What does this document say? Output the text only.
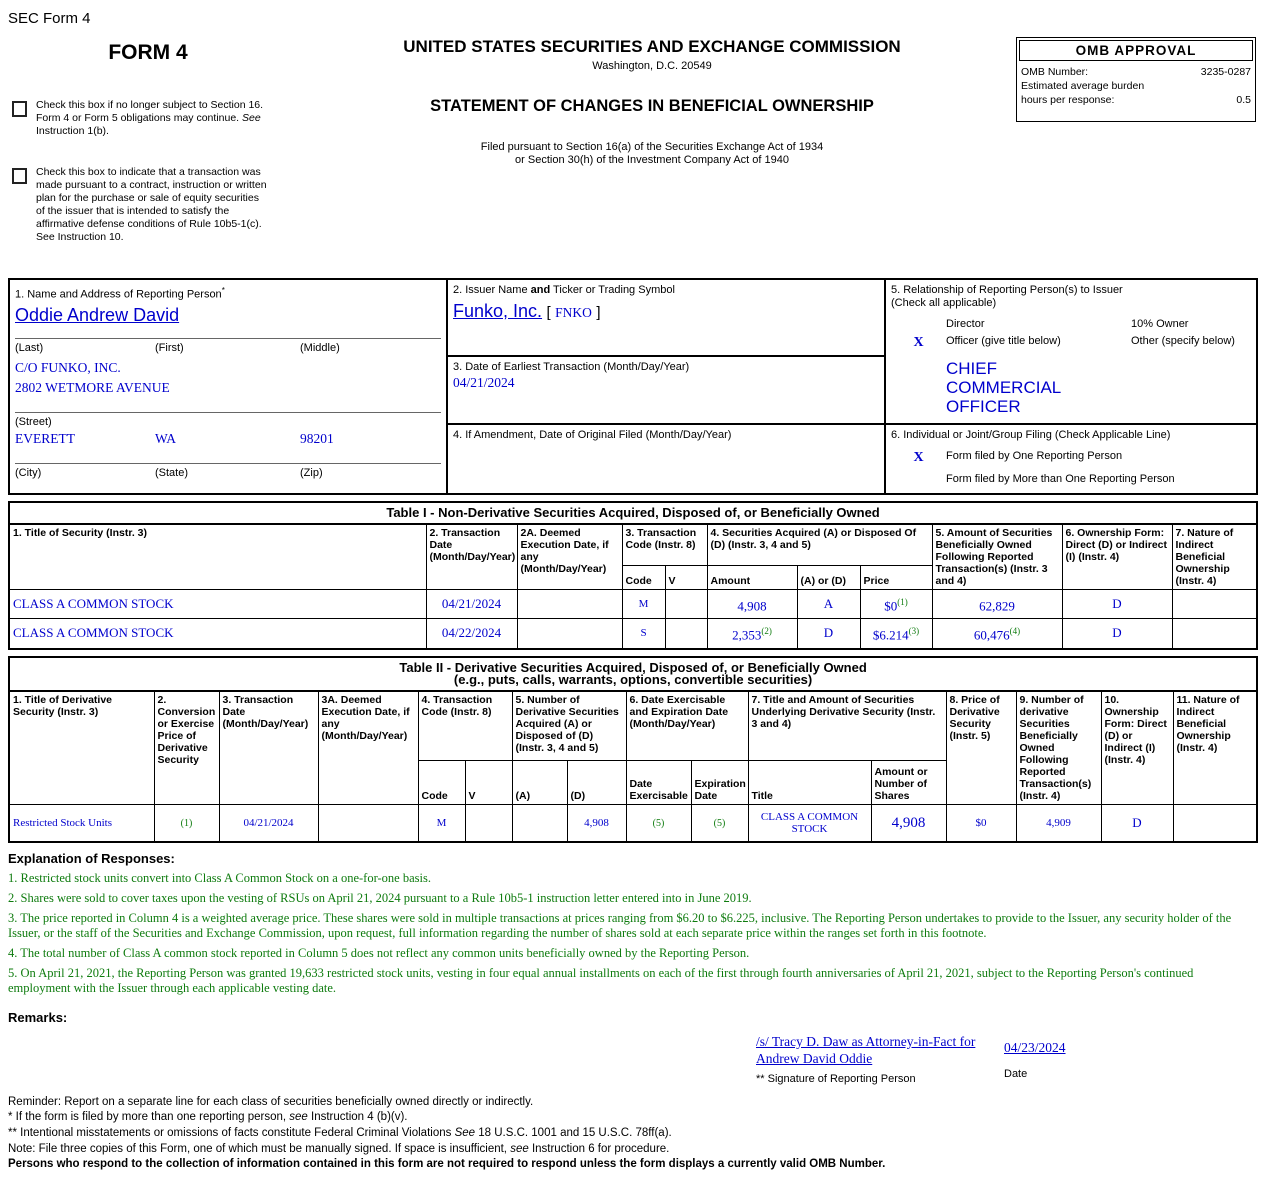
SEC Form 4
FORM 4
Check this box if no longer subject to Section 16. Form 4 or Form 5 obligations may continue. See Instruction 1(b).
Check this box to indicate that a transaction was made pursuant to a contract, instruction or written plan for the purchase or sale of equity securities of the issuer that is intended to satisfy the affirmative defense conditions of Rule 10b5-1(c). See Instruction 10.
UNITED STATES SECURITIES AND EXCHANGE COMMISSION
Washington, D.C. 20549
STATEMENT OF CHANGES IN BENEFICIAL OWNERSHIP
Filed pursuant to Section 16(a) of the Securities Exchange Act of 1934
or Section 30(h) of the Investment Company Act of 1940
OMB APPROVAL
OMB Number:	3235-0287
Estimated average burden
hours per response:	0.5
1. Name and Address of Reporting Person*
Oddie Andrew David
(Last)	(First)	(Middle)
C/O FUNKO, INC.
2802 WETMORE AVENUE
(Street)
EVERETT	WA	98201
(City)	(State)	(Zip)

2. Issuer Name and Ticker or Trading Symbol
Funko, Inc. [ FNKO ]

5. Relationship of Reporting Person(s) to Issuer
(Check all applicable)
Director	10% Owner
X	Officer (give title below)	Other (specify below)
CHIEF COMMERCIAL OFFICER

	3. Date of Earliest Transaction (Month/Day/Year)
04/21/2024	

	4. If Amendment, Date of Original Filed (Month/Day/Year)	6. Individual or Joint/Group Filing (Check Applicable Line)
X Form filed by One Reporting Person
Form filed by More than One Reporting Person
Table I - Non-Derivative Securities Acquired, Disposed of, or Beneficially Owned										
1. Title of Security (Instr. 3)	2. Transaction Date (Month/Day/Year)	2A. Deemed Execution Date, if any (Month/Day/Year)	3. Transaction Code (Instr. 8)		4. Securities Acquired (A) or Disposed Of (D) (Instr. 3, 4 and 5)			5. Amount of Securities Beneficially Owned Following Reported Transaction(s) (Instr. 3 and 4)	6. Ownership Form: Direct (D) or Indirect (I) (Instr. 4)	7. Nature of Indirect Beneficial Ownership (Instr. 4)
			Code	V	Amount	(A) or (D)	Price			
CLASS A COMMON STOCK	04/21/2024		M		4,908	A	$0$^{(1)}$	62,829	D	
CLASS A COMMON STOCK	04/22/2024		S		2,353$^{(2)}$	D	$6.214$^{(3)}$	60,476$^{(4)}$	D	
Table II - Derivative Securities Acquired, Disposed of, or Beneficially Owned
(e.g., puts, calls, warrants, options, convertible securities)															
1. Title of Derivative Security (Instr. 3)	2. Conversion or Exercise Price of Derivative Security	3. Transaction Date (Month/Day/Year)	3A. Deemed Execution Date, if any (Month/Day/Year)	4. Transaction Code (Instr. 8)		5. Number of Derivative Securities Acquired (A) or Disposed of (D) (Instr. 3, 4 and 5)		6. Date Exercisable and Expiration Date (Month/Day/Year)		7. Title and Amount of Securities Underlying Derivative Security (Instr. 3 and 4)		8. Price of Derivative Security (Instr. 5)	9. Number of derivative Securities Beneficially Owned Following Reported Transaction(s) (Instr. 4)	10. Ownership Form: Direct (D) or Indirect (I) (Instr. 4)	11. Nature of Indirect Beneficial Ownership (Instr. 4)
				Code	V	(A)	(D)	Date Exercisable	Expiration Date	Title	Amount or Number of Shares				
Restricted Stock Units	(1)	04/21/2024		M			4,908	(5)	(5)	CLASS A COMMON STOCK	4,908	$0	4,909	D	
Explanation of Responses:
1. Restricted stock units convert into Class A Common Stock on a one-for-one basis.
2. Shares were sold to cover taxes upon the vesting of RSUs on April 21, 2024 pursuant to a Rule 10b5-1 instruction letter entered into in June 2019.
3. The price reported in Column 4 is a weighted average price. These shares were sold in multiple transactions at prices ranging from $6.20 to $6.225, inclusive. The Reporting Person undertakes to provide to the Issuer, any security holder of the Issuer, or the staff of the Securities and Exchange Commission, upon request, full information regarding the number of shares sold at each separate price within the ranges set forth in this footnote.
4. The total number of Class A common stock reported in Column 5 does not reflect any common units beneficially owned by the Reporting Person.
5. On April 21, 2021, the Reporting Person was granted 19,633 restricted stock units, vesting in four equal annual installments on each of the first through fourth anniversaries of April 21, 2021, subject to the Reporting Person's continued employment with the Issuer through each applicable vesting date.
Remarks:
/s/ Tracy D. Daw as Attorney-in-Fact for Andrew David Oddie
** Signature of Reporting Person
04/23/2024
Date
Reminder: Report on a separate line for each class of securities beneficially owned directly or indirectly.
* If the form is filed by more than one reporting person, see Instruction 4 (b)(v).
** Intentional misstatements or omissions of facts constitute Federal Criminal Violations See 18 U.S.C. 1001 and 15 U.S.C. 78ff(a).
Note: File three copies of this Form, one of which must be manually signed. If space is insufficient, see Instruction 6 for procedure.
Persons who respond to the collection of information contained in this form are not required to respond unless the form displays a currently valid OMB Number.
